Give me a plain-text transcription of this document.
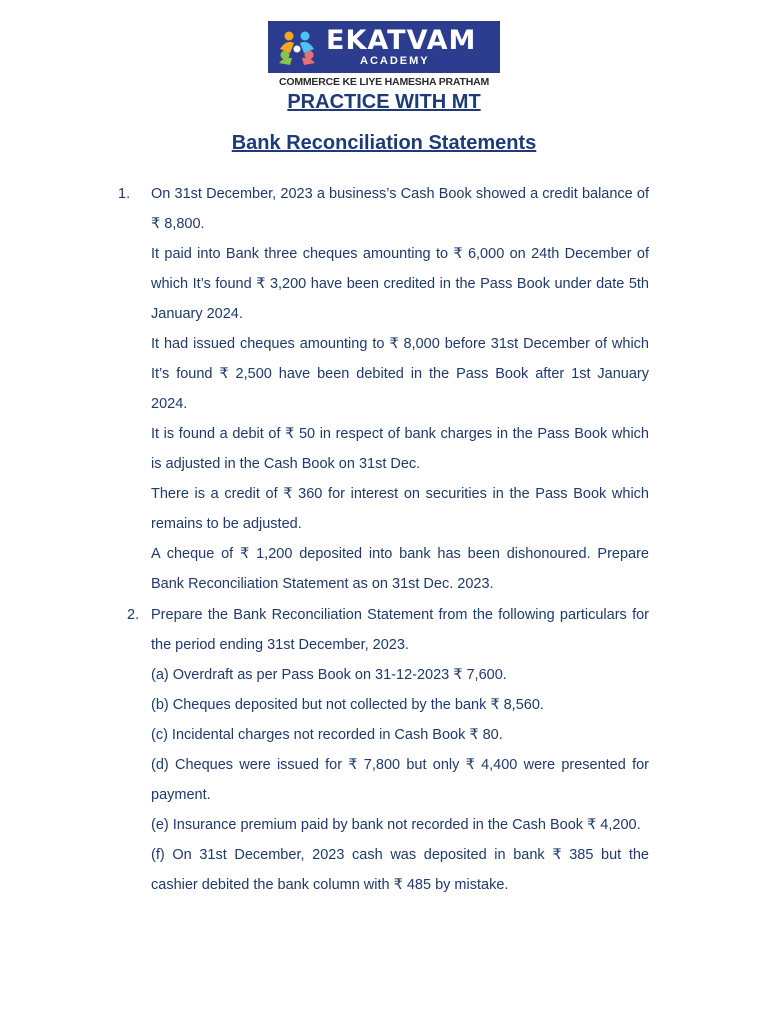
EKATVAM
ACADEMY
COMMERCE KE LIYE HAMESHA PRATHAM
PRACTICE WITH MT
Bank Reconciliation Statements
1. On 31st December, 2023 a business’s Cash Book showed a credit balance of ₹ 8,800.

It paid into Bank three cheques amounting to ₹ 6,000 on 24th December of which It’s found ₹ 3,200 have been credited in the Pass Book under date 5th January 2024.

It had issued cheques amounting to ₹ 8,000 before 31st December of which It’s found ₹ 2,500 have been debited in the Pass Book after 1st January 2024.

It is found a debit of ₹ 50 in respect of bank charges in the Pass Book which is adjusted in the Cash Book on 31st Dec.

There is a credit of ₹ 360 for interest on securities in the Pass Book which remains to be adjusted.

A cheque of ₹ 1,200 deposited into bank has been dishonoured. Prepare Bank Reconciliation Statement as on 31st Dec. 2023.

2. Prepare the Bank Reconciliation Statement from the following particulars for the period ending 31st December, 2023.

(a) Overdraft as per Pass Book on 31-12-2023 ₹ 7,600.

(b) Cheques deposited but not collected by the bank ₹ 8,560.

(c) Incidental charges not recorded in Cash Book ₹ 80.

(d) Cheques were issued for ₹ 7,800 but only ₹ 4,400 were presented for payment.

(e) Insurance premium paid by bank not recorded in the Cash Book ₹ 4,200.

(f) On 31st December, 2023 cash was deposited in bank ₹ 385 but the cashier debited the bank column with ₹ 485 by mistake.
